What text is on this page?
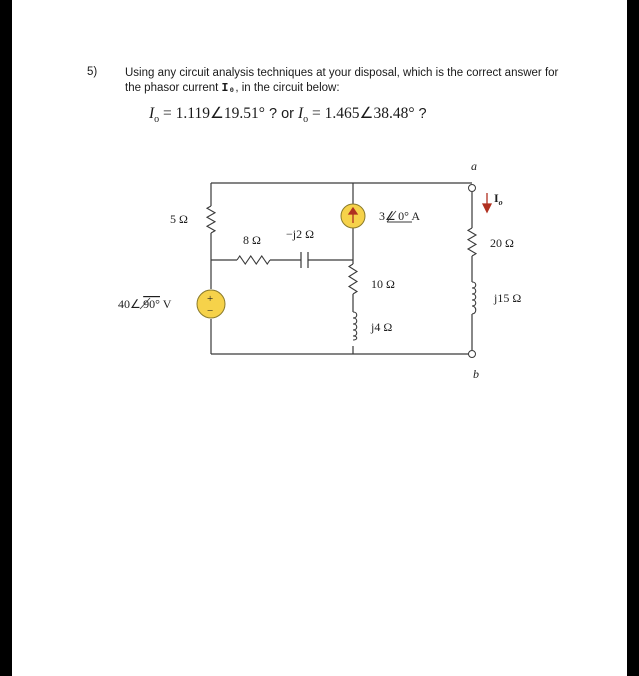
5) Using any circuit analysis techniques at your disposal, which is the correct answer for the phasor current I₀, in the circuit below:
$I_o$ = 1.119∠19.51° ? or $I_o$ = 1.465∠38.48° ?
5 Ω
+
−
40∠ 90° V
8 Ω −j2 Ω
3∠ 0° A
10 Ω
j4 Ω
a
$I_o$
20 Ω
j15 Ω
b
